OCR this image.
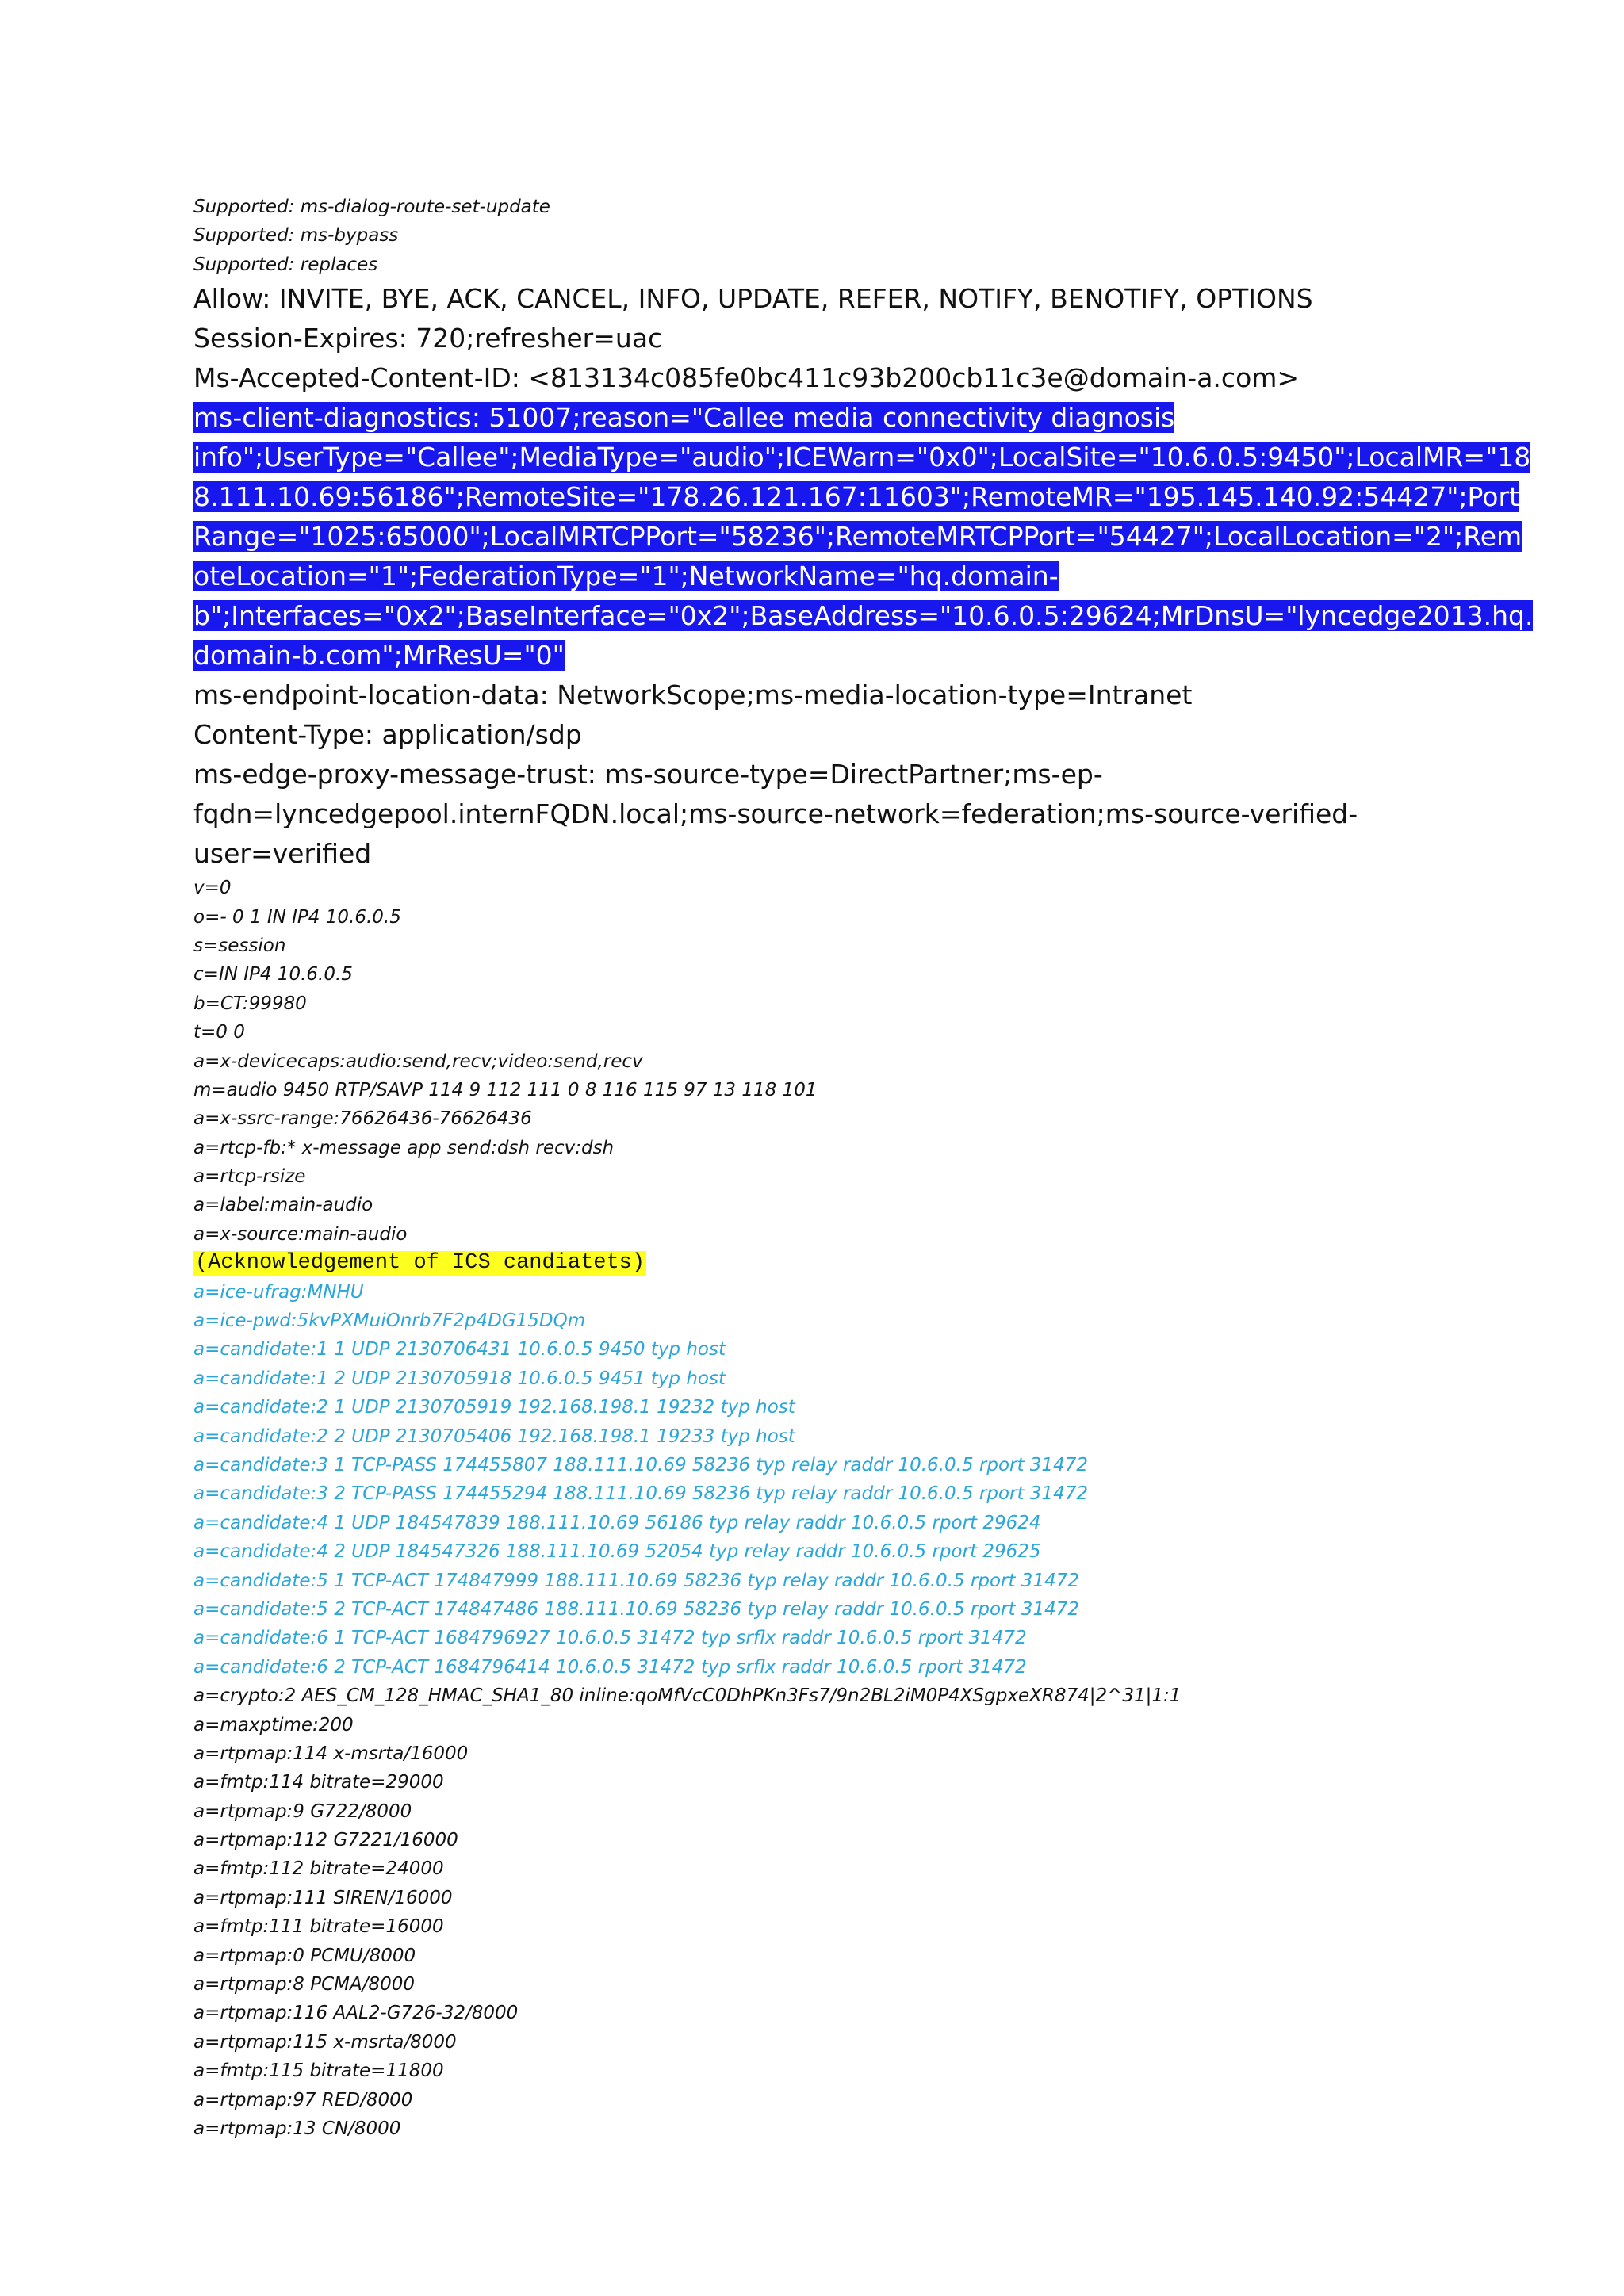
Supported: ms-dialog-route-set-update
Supported: ms-bypass
Supported: replaces
Allow: INVITE, BYE, ACK, CANCEL, INFO, UPDATE, REFER, NOTIFY, BENOTIFY, OPTIONS
Session-Expires: 720;refresher=uac
Ms-Accepted-Content-ID: <813134c085fe0bc411c93b200cb11c3e@domain-a.com>
ms-client-diagnostics: 51007;reason="Callee media connectivity diagnosis
info";UserType="Callee";MediaType="audio";ICEWarn="0x0";LocalSite="10.6.0.5:9450";LocalMR="18
8.111.10.69:56186";RemoteSite="178.26.121.167:11603";RemoteMR="195.145.140.92:54427";Port
Range="1025:65000";LocalMRTCPPort="58236";RemoteMRTCPPort="54427";LocalLocation="2";Rem
oteLocation="1";FederationType="1";NetworkName="hq.domain-
b";Interfaces="0x2";BaseInterface="0x2";BaseAddress="10.6.0.5:29624;MrDnsU="lyncedge2013.hq.
domain-b.com";MrResU="0"
ms-endpoint-location-data: NetworkScope;ms-media-location-type=Intranet
Content-Type: application/sdp
ms-edge-proxy-message-trust: ms-source-type=DirectPartner;ms-ep-fqdn=lyncedgepool.internFQDN.local;ms-source-network=federation;ms-source-verified-user=verified
v=0
o=- 0 1 IN IP4 10.6.0.5
s=session
c=IN IP4 10.6.0.5
b=CT:99980
t=0 0
a=x-devicecaps:audio:send,recv;video:send,recv
m=audio 9450 RTP/SAVP 114 9 112 111 0 8 116 115 97 13 118 101
a=x-ssrc-range:76626436-76626436
a=rtcp-fb:* x-message app send:dsh recv:dsh
a=rtcp-rsize
a=label:main-audio
a=x-source:main-audio
(Acknowledgement of ICS candiatets)
a=ice-ufrag:MNHU
a=ice-pwd:5kvPXMuiOnrb7F2p4DG15DQm
a=candidate:1 1 UDP 2130706431 10.6.0.5 9450 typ host
a=candidate:1 2 UDP 2130705918 10.6.0.5 9451 typ host
a=candidate:2 1 UDP 2130705919 192.168.198.1 19232 typ host
a=candidate:2 2 UDP 2130705406 192.168.198.1 19233 typ host
a=candidate:3 1 TCP-PASS 174455807 188.111.10.69 58236 typ relay raddr 10.6.0.5 rport 31472
a=candidate:3 2 TCP-PASS 174455294 188.111.10.69 58236 typ relay raddr 10.6.0.5 rport 31472
a=candidate:4 1 UDP 184547839 188.111.10.69 56186 typ relay raddr 10.6.0.5 rport 29624
a=candidate:4 2 UDP 184547326 188.111.10.69 52054 typ relay raddr 10.6.0.5 rport 29625
a=candidate:5 1 TCP-ACT 174847999 188.111.10.69 58236 typ relay raddr 10.6.0.5 rport 31472
a=candidate:5 2 TCP-ACT 174847486 188.111.10.69 58236 typ relay raddr 10.6.0.5 rport 31472
a=candidate:6 1 TCP-ACT 1684796927 10.6.0.5 31472 typ srflx raddr 10.6.0.5 rport 31472
a=candidate:6 2 TCP-ACT 1684796414 10.6.0.5 31472 typ srflx raddr 10.6.0.5 rport 31472
a=crypto:2 AES_CM_128_HMAC_SHA1_80 inline:qoMfVcC0DhPKn3Fs7/9n2BL2iM0P4XSgpxeXR874|2^31|1:1
a=maxptime:200
a=rtpmap:114 x-msrta/16000
a=fmtp:114 bitrate=29000
a=rtpmap:9 G722/8000
a=rtpmap:112 G7221/16000
a=fmtp:112 bitrate=24000
a=rtpmap:111 SIREN/16000
a=fmtp:111 bitrate=16000
a=rtpmap:0 PCMU/8000
a=rtpmap:8 PCMA/8000
a=rtpmap:116 AAL2-G726-32/8000
a=rtpmap:115 x-msrta/8000
a=fmtp:115 bitrate=11800
a=rtpmap:97 RED/8000
a=rtpmap:13 CN/8000
